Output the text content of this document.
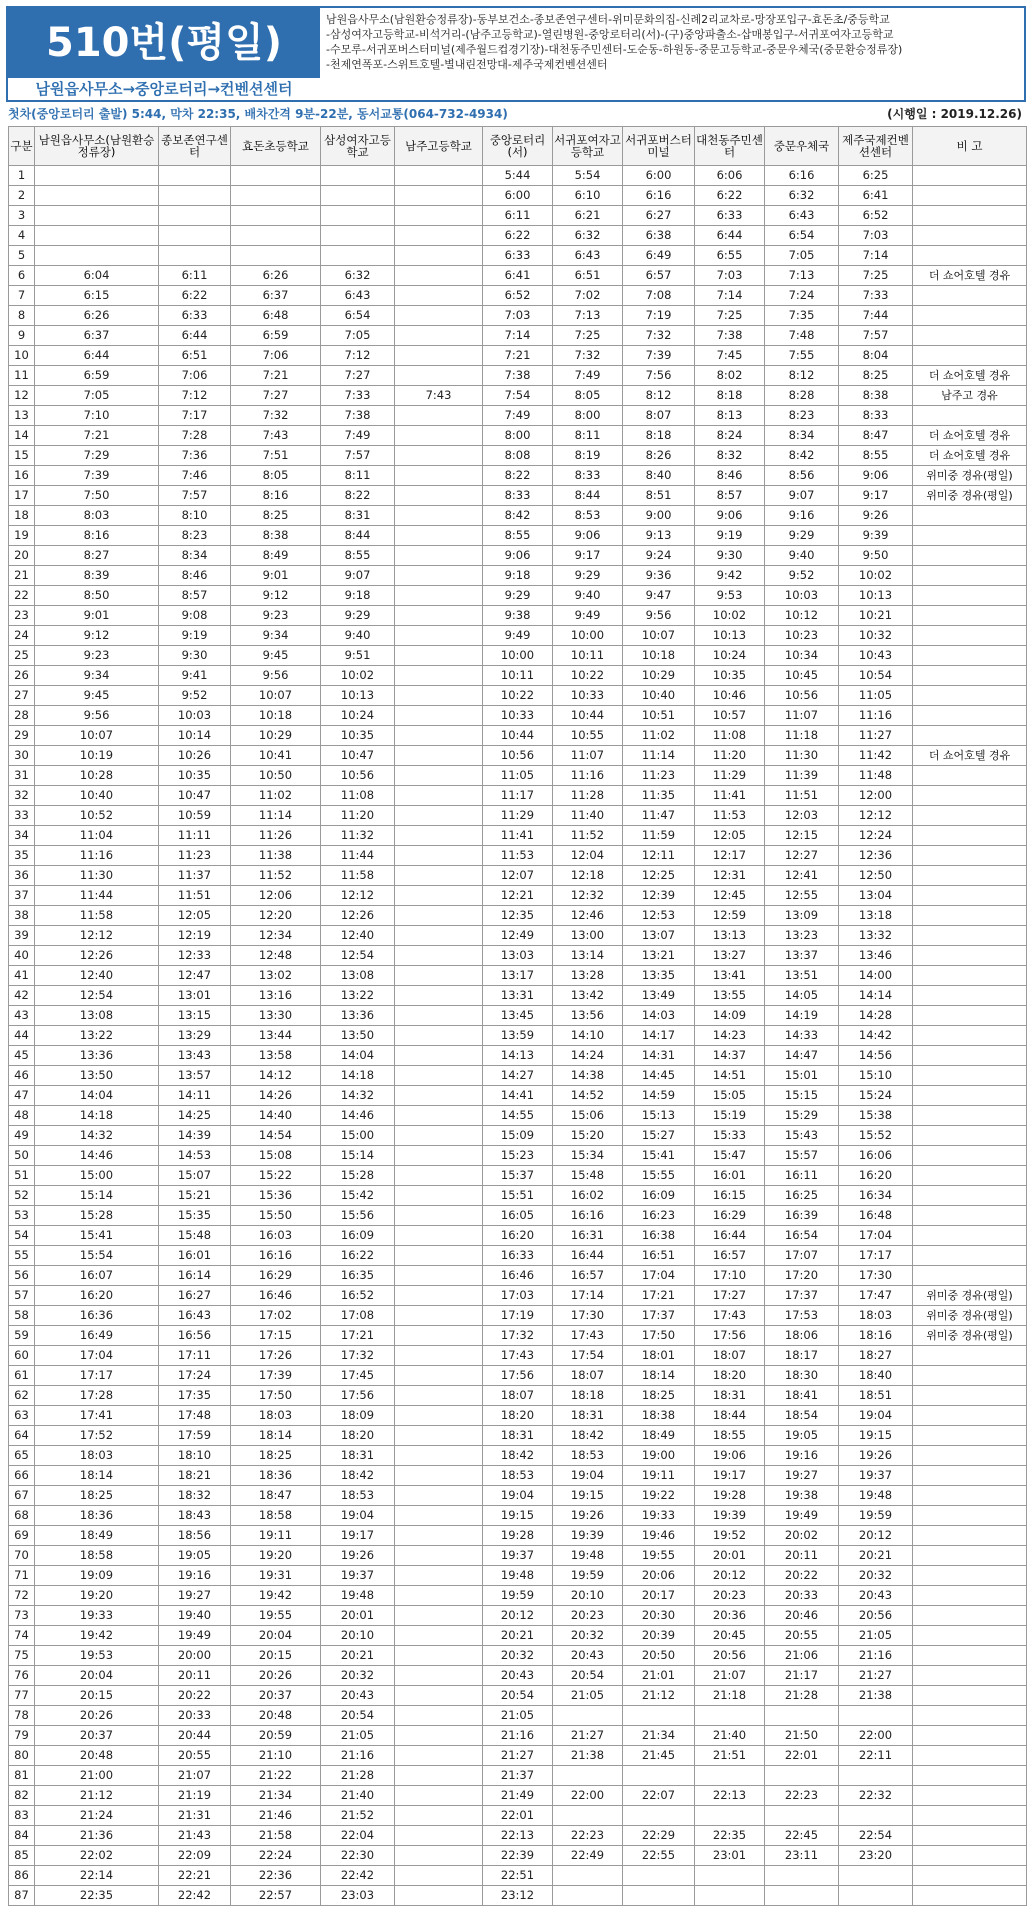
510번(평일)
남원읍사무소→중앙로터리→컨벤션센터
남원읍사무소(남원환승정류장)-동부보건소-종보존연구센터-위미문화의집-신례2리교차로-망장포입구-효돈초/중등학교
-삼성여자고등학교-비석거리-(남주고등학교)-열린병원-중앙로터리(서)-(구)중앙파출소-삽매봉입구-서귀포여자고등학교
-수모루-서귀포버스터미널(제주월드컵경기장)-대천동주민센터-도순동-하원동-중문고등학교-중문우체국(중문환승정류장)
-천제연폭포-스위트호텔-별내린전망대-제주국제컨벤션센터
첫차(중앙로터리 출발) 5:44, 막차 22:35, 배차간격 9분-22분, 동서교통(064-732-4934)	(시행일 : 2019.12.26)
구분	남원읍사무소(남원환승정류장)	종보존연구센터	효돈초등학교	삼성여자고등학교	남주고등학교	중앙로터리(서)	서귀포여자고등학교	서귀포버스터미널	대천동주민센터	중문우체국	제주국제컨벤션센터	비 고
1						5:44	5:54	6:00	6:06	6:16	6:25	
2						6:00	6:10	6:16	6:22	6:32	6:41	
3						6:11	6:21	6:27	6:33	6:43	6:52	
4						6:22	6:32	6:38	6:44	6:54	7:03	
5						6:33	6:43	6:49	6:55	7:05	7:14	
6	6:04	6:11	6:26	6:32		6:41	6:51	6:57	7:03	7:13	7:25	더 쇼어호텔 경유
7	6:15	6:22	6:37	6:43		6:52	7:02	7:08	7:14	7:24	7:33	
8	6:26	6:33	6:48	6:54		7:03	7:13	7:19	7:25	7:35	7:44	
9	6:37	6:44	6:59	7:05		7:14	7:25	7:32	7:38	7:48	7:57	
10	6:44	6:51	7:06	7:12		7:21	7:32	7:39	7:45	7:55	8:04	
11	6:59	7:06	7:21	7:27		7:38	7:49	7:56	8:02	8:12	8:25	더 쇼어호텔 경유
12	7:05	7:12	7:27	7:33	7:43	7:54	8:05	8:12	8:18	8:28	8:38	남주고 경유
13	7:10	7:17	7:32	7:38		7:49	8:00	8:07	8:13	8:23	8:33	
14	7:21	7:28	7:43	7:49		8:00	8:11	8:18	8:24	8:34	8:47	더 쇼어호텔 경유
15	7:29	7:36	7:51	7:57		8:08	8:19	8:26	8:32	8:42	8:55	더 쇼어호텔 경유
16	7:39	7:46	8:05	8:11		8:22	8:33	8:40	8:46	8:56	9:06	위미중 경유(평일)
17	7:50	7:57	8:16	8:22		8:33	8:44	8:51	8:57	9:07	9:17	위미중 경유(평일)
18	8:03	8:10	8:25	8:31		8:42	8:53	9:00	9:06	9:16	9:26	
19	8:16	8:23	8:38	8:44		8:55	9:06	9:13	9:19	9:29	9:39	
20	8:27	8:34	8:49	8:55		9:06	9:17	9:24	9:30	9:40	9:50	
21	8:39	8:46	9:01	9:07		9:18	9:29	9:36	9:42	9:52	10:02	
22	8:50	8:57	9:12	9:18		9:29	9:40	9:47	9:53	10:03	10:13	
23	9:01	9:08	9:23	9:29		9:38	9:49	9:56	10:02	10:12	10:21	
24	9:12	9:19	9:34	9:40		9:49	10:00	10:07	10:13	10:23	10:32	
25	9:23	9:30	9:45	9:51		10:00	10:11	10:18	10:24	10:34	10:43	
26	9:34	9:41	9:56	10:02		10:11	10:22	10:29	10:35	10:45	10:54	
27	9:45	9:52	10:07	10:13		10:22	10:33	10:40	10:46	10:56	11:05	
28	9:56	10:03	10:18	10:24		10:33	10:44	10:51	10:57	11:07	11:16	
29	10:07	10:14	10:29	10:35		10:44	10:55	11:02	11:08	11:18	11:27	
30	10:19	10:26	10:41	10:47		10:56	11:07	11:14	11:20	11:30	11:42	더 쇼어호텔 경유
31	10:28	10:35	10:50	10:56		11:05	11:16	11:23	11:29	11:39	11:48	
32	10:40	10:47	11:02	11:08		11:17	11:28	11:35	11:41	11:51	12:00	
33	10:52	10:59	11:14	11:20		11:29	11:40	11:47	11:53	12:03	12:12	
34	11:04	11:11	11:26	11:32		11:41	11:52	11:59	12:05	12:15	12:24	
35	11:16	11:23	11:38	11:44		11:53	12:04	12:11	12:17	12:27	12:36	
36	11:30	11:37	11:52	11:58		12:07	12:18	12:25	12:31	12:41	12:50	
37	11:44	11:51	12:06	12:12		12:21	12:32	12:39	12:45	12:55	13:04	
38	11:58	12:05	12:20	12:26		12:35	12:46	12:53	12:59	13:09	13:18	
39	12:12	12:19	12:34	12:40		12:49	13:00	13:07	13:13	13:23	13:32	
40	12:26	12:33	12:48	12:54		13:03	13:14	13:21	13:27	13:37	13:46	
41	12:40	12:47	13:02	13:08		13:17	13:28	13:35	13:41	13:51	14:00	
42	12:54	13:01	13:16	13:22		13:31	13:42	13:49	13:55	14:05	14:14	
43	13:08	13:15	13:30	13:36		13:45	13:56	14:03	14:09	14:19	14:28	
44	13:22	13:29	13:44	13:50		13:59	14:10	14:17	14:23	14:33	14:42	
45	13:36	13:43	13:58	14:04		14:13	14:24	14:31	14:37	14:47	14:56	
46	13:50	13:57	14:12	14:18		14:27	14:38	14:45	14:51	15:01	15:10	
47	14:04	14:11	14:26	14:32		14:41	14:52	14:59	15:05	15:15	15:24	
48	14:18	14:25	14:40	14:46		14:55	15:06	15:13	15:19	15:29	15:38	
49	14:32	14:39	14:54	15:00		15:09	15:20	15:27	15:33	15:43	15:52	
50	14:46	14:53	15:08	15:14		15:23	15:34	15:41	15:47	15:57	16:06	
51	15:00	15:07	15:22	15:28		15:37	15:48	15:55	16:01	16:11	16:20	
52	15:14	15:21	15:36	15:42		15:51	16:02	16:09	16:15	16:25	16:34	
53	15:28	15:35	15:50	15:56		16:05	16:16	16:23	16:29	16:39	16:48	
54	15:41	15:48	16:03	16:09		16:20	16:31	16:38	16:44	16:54	17:04	
55	15:54	16:01	16:16	16:22		16:33	16:44	16:51	16:57	17:07	17:17	
56	16:07	16:14	16:29	16:35		16:46	16:57	17:04	17:10	17:20	17:30	
57	16:20	16:27	16:46	16:52		17:03	17:14	17:21	17:27	17:37	17:47	위미중 경유(평일)
58	16:36	16:43	17:02	17:08		17:19	17:30	17:37	17:43	17:53	18:03	위미중 경유(평일)
59	16:49	16:56	17:15	17:21		17:32	17:43	17:50	17:56	18:06	18:16	위미중 경유(평일)
60	17:04	17:11	17:26	17:32		17:43	17:54	18:01	18:07	18:17	18:27	
61	17:17	17:24	17:39	17:45		17:56	18:07	18:14	18:20	18:30	18:40	
62	17:28	17:35	17:50	17:56		18:07	18:18	18:25	18:31	18:41	18:51	
63	17:41	17:48	18:03	18:09		18:20	18:31	18:38	18:44	18:54	19:04	
64	17:52	17:59	18:14	18:20		18:31	18:42	18:49	18:55	19:05	19:15	
65	18:03	18:10	18:25	18:31		18:42	18:53	19:00	19:06	19:16	19:26	
66	18:14	18:21	18:36	18:42		18:53	19:04	19:11	19:17	19:27	19:37	
67	18:25	18:32	18:47	18:53		19:04	19:15	19:22	19:28	19:38	19:48	
68	18:36	18:43	18:58	19:04		19:15	19:26	19:33	19:39	19:49	19:59	
69	18:49	18:56	19:11	19:17		19:28	19:39	19:46	19:52	20:02	20:12	
70	18:58	19:05	19:20	19:26		19:37	19:48	19:55	20:01	20:11	20:21	
71	19:09	19:16	19:31	19:37		19:48	19:59	20:06	20:12	20:22	20:32	
72	19:20	19:27	19:42	19:48		19:59	20:10	20:17	20:23	20:33	20:43	
73	19:33	19:40	19:55	20:01		20:12	20:23	20:30	20:36	20:46	20:56	
74	19:42	19:49	20:04	20:10		20:21	20:32	20:39	20:45	20:55	21:05	
75	19:53	20:00	20:15	20:21		20:32	20:43	20:50	20:56	21:06	21:16	
76	20:04	20:11	20:26	20:32		20:43	20:54	21:01	21:07	21:17	21:27	
77	20:15	20:22	20:37	20:43		20:54	21:05	21:12	21:18	21:28	21:38	
78	20:26	20:33	20:48	20:54		21:05						
79	20:37	20:44	20:59	21:05		21:16	21:27	21:34	21:40	21:50	22:00	
80	20:48	20:55	21:10	21:16		21:27	21:38	21:45	21:51	22:01	22:11	
81	21:00	21:07	21:22	21:28		21:37						
82	21:12	21:19	21:34	21:40		21:49	22:00	22:07	22:13	22:23	22:32	
83	21:24	21:31	21:46	21:52		22:01						
84	21:36	21:43	21:58	22:04		22:13	22:23	22:29	22:35	22:45	22:54	
85	22:02	22:09	22:24	22:30		22:39	22:49	22:55	23:01	23:11	23:20	
86	22:14	22:21	22:36	22:42		22:51						
87	22:35	22:42	22:57	23:03		23:12						
